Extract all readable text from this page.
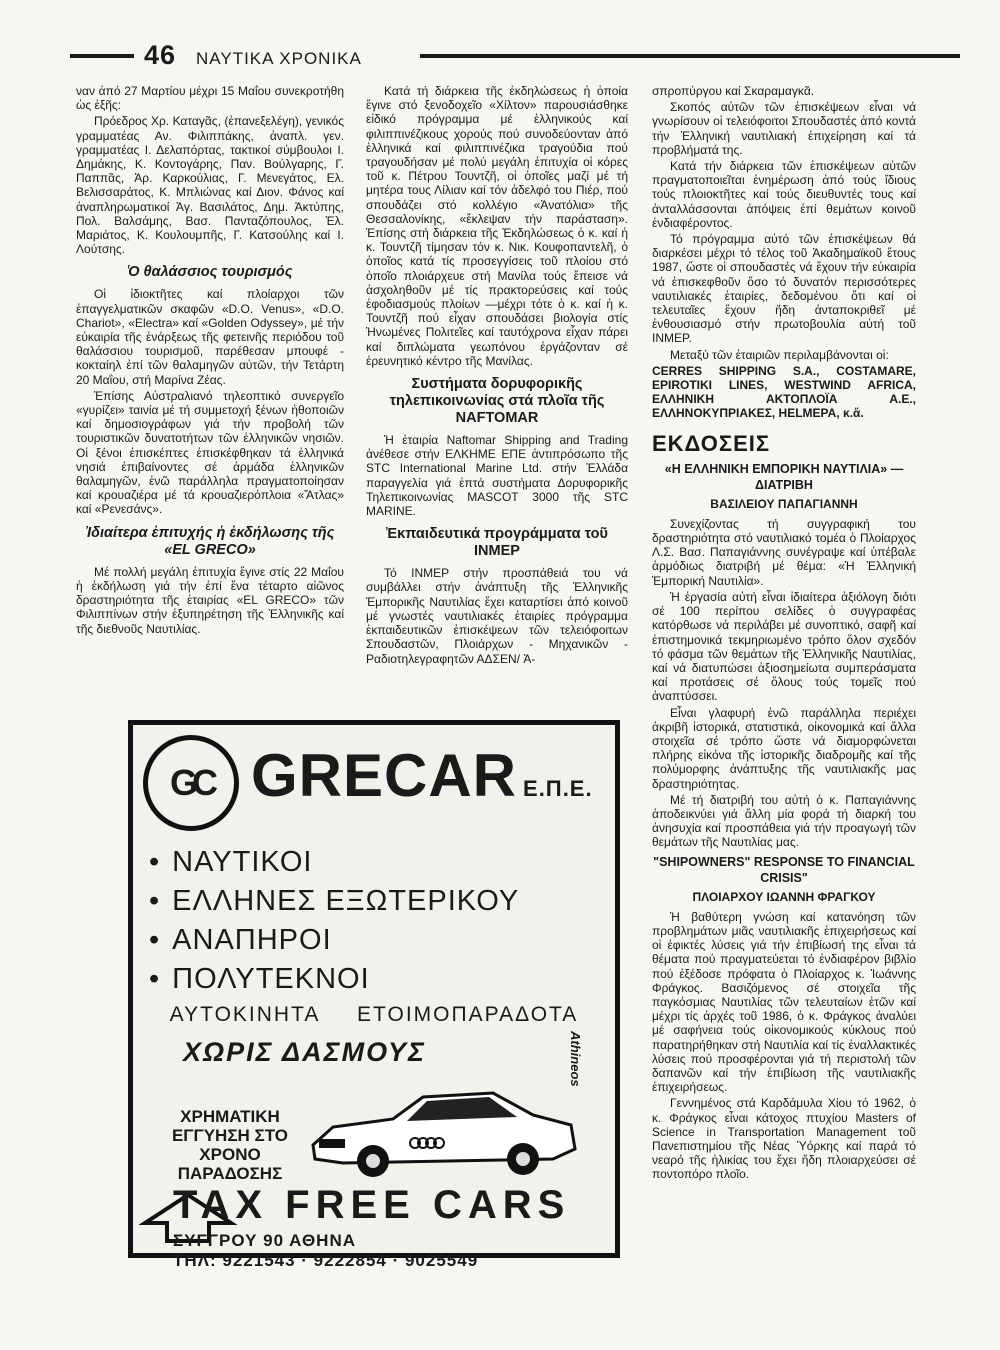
46 ΝΑΥΤΙΚΑ ΧΡΟΝΙΚΑ

ναν ἀπό 27 Μαρτίου μέχρι 15 Μαΐου συνεκροτήθη ὡς ἑξῆς:

Πρόεδρος Χρ. Καταγᾶς, (ἐπανεξελέγη), γενικός γραμματέας Αν. Φιλιππάκης, ἀναπλ. γεν. γραμματέας Ι. Δελαπόρτας, τακτικοί σύμβουλοι Ι. Δημάκης, Κ. Κοντογάρης, Παν. Βούλγαρης, Γ. Παππᾶς, Ἀρ. Καρκούλιας, Γ. Μενεγάτος, Ελ. Βελισσαράτος, Κ. Μπλιώνας καί Διον. Φάνος καί ἀναπληρωματικοί Ἀγ. Βασιλάτος, Δημ. Ἀκτύπης, Πολ. Βαλσάμης, Βασ. Πανταζόπουλος, Ἐλ. Μαριάτος, Κ. Κουλουμπῆς, Γ. Κατσούλης καί Ι. Λούτσης.

Ὁ θαλάσσιος τουρισμός

Οἱ ἰδιοκτῆτες καί πλοίαρχοι τῶν ἐπαγγελματικῶν σκαφῶν «D.O. Venus», «D.O. Chariot», «Electra» καί «Golden Odyssey», μέ τήν εὐκαιρία τῆς ἐνάρξεως τῆς φετεινῆς περιόδου τοῦ θαλάσσιου τουρισμοῦ, παρέθεσαν μπουφέ - κοκταίηλ ἐπί τῶν θαλαμηγῶν αὐτῶν, τήν Τετάρτη 20 Μαΐου, στή Μαρίνα Ζέας.

Ἐπίσης Αὐστραλιανό τηλεοπτικό συνεργεῖο «γυρίζει» ταινία μέ τή συμμετοχή ξένων ἠθοποιῶν καί δημοσιογράφων γιά τήν προβολή τῶν τουριστικῶν δυνατοτήτων τῶν ἑλληνικῶν νησιῶν. Οἱ ξένοι ἐπισκέπτες ἐπισκέφθηκαν τά ἑλληνικά νησιά ἐπιβαίνοντες σέ ἀρμάδα ἑλληνικῶν θαλαμηγῶν, ἐνῶ παράλληλα πραγματοποίησαν καί κρουαζιέρα μέ τά κρουαζιερόπλοια «Ἄτλας» καί «Ρενεσάνς».

Ἰδιαίτερα ἐπιτυχής ἡ ἐκδήλωσης τῆς «EL GRECO»

Μέ πολλή μεγάλη ἐπιτυχία ἔγινε στίς 22 Μαΐου ἡ ἐκδήλωση γιά τήν ἐπί ἕνα τέταρτο αἰῶνος δραστηριότητα τῆς ἑταιρίας «EL GRECO» τῶν Φιλιππίνων στήν ἐξυπηρέτηση τῆς Ἑλληνικῆς καί τῆς διεθνοῦς Ναυτιλίας.

Κατά τή διάρκεια τῆς ἐκδηλώσεως ἡ ὁποία ἔγινε στό ξενοδοχεῖο «Χίλτον» παρουσιάσθηκε εἰδικό πρόγραμμα μέ ἑλληνικούς καί φιλιππινέζικους χορούς πού συνοδεύονταν ἀπό ἑλληνικά καί φιλιππινέζικα τραγούδια πού τραγουδήσαν μέ πολύ μεγάλη ἐπιτυχία οἱ κόρες τοῦ κ. Πέτρου Τουντζῆ, οἱ ὁποῖες μαζί μέ τή μητέρα τους Λίλιαν καί τόν ἀδελφό του Πιέρ, πού σπουδάζει στό κολλέγιο «Ἀνατόλια» τῆς Θεσσαλονίκης, «ἔκλεψαν τήν παράσταση». Ἐπίσης στή διάρκεια τῆς Ἐκδηλώσεως ὁ κ. καί ἡ κ. Τουντζῆ τίμησαν τόν κ. Νικ. Κουφοπαντελῆ, ὁ ὁποῖος κατά τίς προσεγγίσεις τοῦ πλοίου στό ὁποῖο πλοιάρχευε στή Μανίλα τούς ἔπεισε νά ἀσχοληθοῦν μέ τίς πρακτορεύσεις καί τούς ἐφοδιασμούς πλοίων —μέχρι τότε ὁ κ. καί ἡ κ. Τουντζῆ πού εἶχαν σπουδάσει βιολογία στίς Ἡνωμένες Πολιτεῖες καί ταυτόχρονα εἶχαν πάρει καί διπλώματα γεωπόνου ἐργάζονταν σέ ἐρευνητικό κέντρο τῆς Μανίλας.

Συστήματα δορυφορικῆς τηλεπικοινωνίας στά πλοῖα τῆς NAFTOMAR

Ἡ ἑταιρία Naftomar Shipping and Trading ἀνέθεσε στήν ΕΛΚΗΜΕ ΕΠΕ ἀντιπρόσωπο τῆς STC International Marine Ltd. στήν Ἑλλάδα παραγγελία γιά ἑπτά συστήματα Δορυφορικῆς Τηλεπικοινωνίας MASCOT 3000 τῆς STC MARINE.

Ἐκπαιδευτικά προγράμματα τοῦ INMEP

Τό INMEP στήν προσπάθειά του νά συμβάλλει στήν ἀνάπτυξη τῆς Ἑλληνικῆς Ἐμπορικῆς Ναυτιλίας ἔχει καταρτίσει ἀπό κοινοῦ μέ γνωστές ναυτιλιακές ἑταιρίες πρόγραμμα ἐκπαιδευτικῶν ἐπισκέψεων τῶν τελειόφοιτων Σπουδαστῶν, Πλοιάρχων - Μηχανικῶν - Ραδιοτηλεγραφητῶν ΑΔΣΕΝ/ Ἀ-

σπροπύργου καί Σκαραμαγκᾶ.

Σκοπός αὐτῶν τῶν ἐπισκέψεων εἶναι νά γνωρίσουν οἱ τελειόφοιτοι Σπουδαστές ἀπό κοντά τήν Ἑλληνική ναυτιλιακή ἐπιχείρηση καί τά προβλήματά της.

Κατά τήν διάρκεια τῶν ἐπισκέψεων αὐτῶν πραγματοποιεῖται ἐνημέρωση ἀπό τούς ἴδιους τούς πλοιοκτῆτες καί τούς διευθυντές τους καί ἀνταλλάσσονται ἀπόψεις ἐπί θεμάτων κοινοῦ ἐνδιαφέροντος.

Τό πρόγραμμα αὐτό τῶν ἐπισκέψεων θά διαρκέσει μέχρι τό τέλος τοῦ Ἀκαδημαϊκοῦ ἔτους 1987, ὥστε οἱ σπουδαστές νά ἔχουν τήν εὐκαιρία νά ἐπισκεφθοῦν ὅσο τό δυνατόν περισσότερες ναυτιλιακές ἑταιρίες, δεδομένου ὅτι καί οἱ τελευταῖες ἔχουν ἤδη ἀνταποκριθεῖ μέ ἐνθουσιασμό στήν πρωτοβουλία αὐτή τοῦ INMEP.

Μεταξύ τῶν ἑταιριῶν περιλαμβάνονται οἱ:

CERRES SHIPPING S.A., COSTAMARE, EPIROTIKI LINES, WESTWIND AFRICA, ΕΛΛΗΝΙΚΗ ΑΚΤΟΠΛΟΪΑ Α.Ε., ΕΛΛΗΝΟΚΥΠΡΙΑΚΕΣ, HELMEPA, κ.ἄ.

ΕΚΔΟΣΕΙΣ
«Η ΕΛΛΗΝΙΚΗ ΕΜΠΟΡΙΚΗ ΝΑΥΤΙΛΙΑ» — ΔΙΑΤΡΙΒΗ
ΒΑΣΙΛΕΙΟΥ ΠΑΠΑΓΙΑΝΝΗ

Συνεχίζοντας τή συγγραφική του δραστηριότητα στό ναυτιλιακό τομέα ὁ Πλοίαρχος Λ.Σ. Βασ. Παπαγιάννης συνέγραψε καί ὑπέβαλε ἁρμόδιως διατριβή μέ θέμα: «Ἡ Ἑλληνική Ἐμπορική Ναυτιλία».

Ἡ ἐργασία αὐτή εἶναι ἰδιαίτερα ἀξιόλογη διότι σέ 100 περίπου σελίδες ὁ συγγραφέας κατόρθωσε νά περιλάβει μέ συνοπτικό, σαφῆ καί ἐπιστημονικά τεκμηριωμένο τρόπο ὅλον σχεδόν τό φάσμα τῶν θεμάτων τῆς Ἑλληνικῆς Ναυτιλίας, καί νά διατυπώσει ἀξιοσημείωτα συμπεράσματα καί προτάσεις σέ ὅλους τούς τομεῖς πού ἀναπτύσσει.

Εἶναι γλαφυρή ἐνῶ παράλληλα περιέχει ἀκριβῆ ἱστορικά, στατιστικά, οἰκονομικά καί ἄλλα στοιχεῖα σέ τρόπο ὥστε νά διαμορφώνεται πλήρης εἰκόνα τῆς ἱστορικῆς διαδρομῆς καί τῆς πολύμορφης ἀνάπτυξης τῆς ναυτιλιακῆς μας δραστηριότητας.

Μέ τή διατριβή του αὐτή ὁ κ. Παπαγιάννης ἀποδεικνύει γιά ἄλλη μία φορά τή διαρκή του ἀνησυχία καί προσπάθεια γιά τήν προαγωγή τῶν θεμάτων τῆς Ναυτιλίας μας.

"SHIPOWNERS" RESPONSE TO FINANCIAL CRISIS"
ΠΛΟΙΑΡΧΟΥ ΙΩΑΝΝΗ ΦΡΑΓΚΟΥ

Ἡ βαθύτερη γνώση καί κατανόηση τῶν προβλημάτων μιᾶς ναυτιλιακῆς ἐπιχειρήσεως καί οἱ ἐφικτές λύσεις γιά τήν ἐπιβίωσή της εἶναι τά θέματα πού πραγματεύεται τό ἐνδιαφέρον βιβλίο πού ἐξέδοσε πρόφατα ὁ Πλοίαρχος κ. Ἰωάννης Φράγκος. Βασιζόμενος σέ στοιχεῖα τῆς παγκόσμιας Ναυτιλίας τῶν τελευταίων ἐτῶν καί μέχρι τίς ἀρχές τοῦ 1986, ὁ κ. Φράγκος ἀναλύει μέ σαφήνεια τούς οἰκονομικούς κύκλους πού παρατηρήθηκαν στή Ναυτιλία καί τίς ἐναλλακτικές λύσεις πού προσφέρονται γιά τή περιστολή τῶν δαπανῶν καί τήν ἐπιβίωση τῆς ναυτιλιακῆς ἐπιχειρήσεως.

Γεννημένος στά Καρδάμυλα Χίου τό 1962, ὁ κ. Φράγκος εἶναι κάτοχος πτυχίου Masters of Science in Transportation Management τοῦ Πανεπιστημίου τῆς Νέας Ὑόρκης καί παρά τό νεαρό τῆς ἡλικίας του ἔχει ἤδη πλοιαρχεύσει σέ ποντοπόρο πλοῖο.

GC GRECAR Ε.Π.Ε.
• ΝΑΥΤΙΚΟΙ
• ΕΛΛΗΝΕΣ ΕΞΩΤΕΡΙΚΟΥ
• ΑΝΑΠΗΡΟΙ
• ΠΟΛΥΤΕΚΝΟΙ
ΑΥΤΟΚΙΝΗΤΑ ΕΤΟΙΜΟΠΑΡΑΔΟΤΑ
ΧΩΡΙΣ ΔΑΣΜΟΥΣ
ΧΡΗΜΑΤΙΚΗ ΕΓΓΥΗΣΗ ΣΤΟ ΧΡΟΝΟ ΠΑΡΑΔΟΣΗΣ
Athineos
TAX FREE CARS
ΣΥΓΓΡΟΥ 90 ΑΘΗΝΑ
ΤΗΛ: 9221543 · 9222854 · 9025549
